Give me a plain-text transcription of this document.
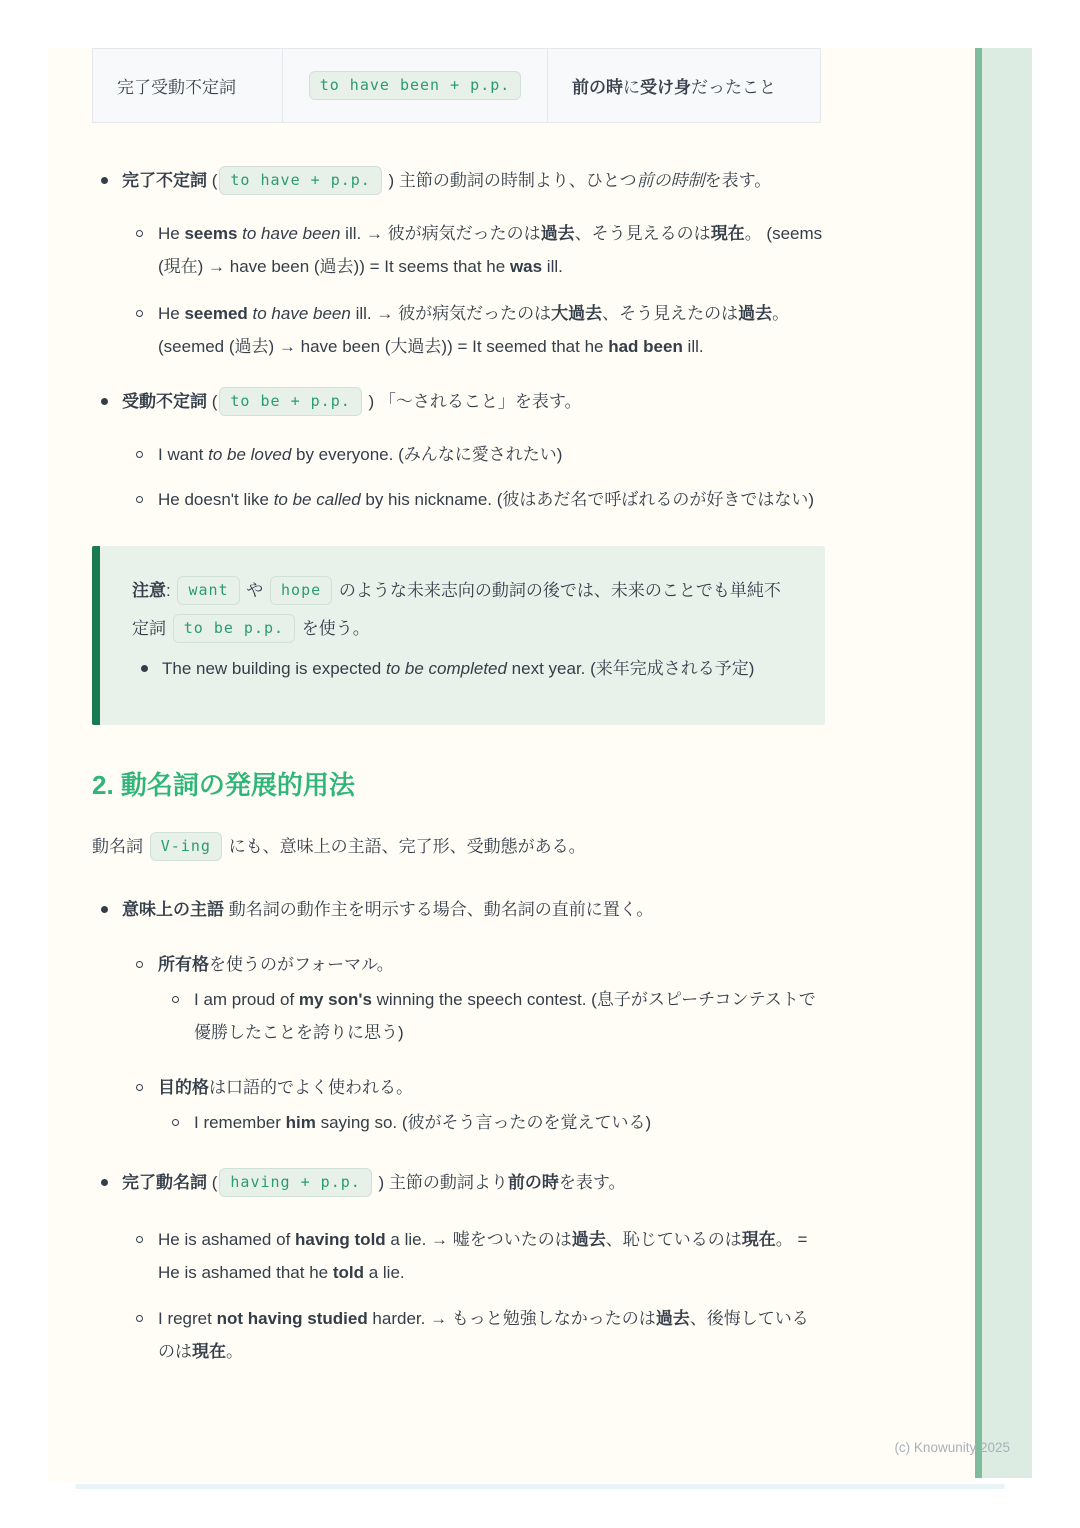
完了受動不定詞	to have been + p.p.	前の時に受け身だったこと
完了不定詞 ( to have + p.p. ) 主節の動詞の時制より、ひとつ前の時制を表す。
He seems to have been ill. → 彼が病気だったのは過去、そう見えるのは現在。 (seems (現在) → have been (過去)) = It seems that he was ill.
He seemed to have been ill. → 彼が病気だったのは大過去、そう見えたのは過去。 (seemed (過去) → have been (大過去)) = It seemed that he had been ill.
受動不定詞 ( to be + p.p. ) 「〜されること」を表す。
I want to be loved by everyone. (みんなに愛されたい)
He doesn't like to be called by his nickname. (彼はあだ名で呼ばれるのが好きではない)
注意: want や hope のような未来志向の動詞の後では、未来のことでも単純不定詞 to be p.p. を使う。
The new building is expected to be completed next year. (来年完成される予定)
2. 動名詞の発展的用法
動名詞 V-ing にも、意味上の主語、完了形、受動態がある。
意味上の主語 動名詞の動作主を明示する場合、動名詞の直前に置く。
所有格を使うのがフォーマル。
I am proud of my son's winning the speech contest. (息子がスピーチコンテストで優勝したことを誇りに思う)
目的格は口語的でよく使われる。
I remember him saying so. (彼がそう言ったのを覚えている)
完了動名詞 ( having + p.p. ) 主節の動詞より前の時を表す。
He is ashamed of having told a lie. → 嘘をついたのは過去、恥じているのは現在。 = He is ashamed that he told a lie.
I regret not having studied harder. → もっと勉強しなかったのは過去、後悔しているのは現在。
(c) Knowunity 2025
